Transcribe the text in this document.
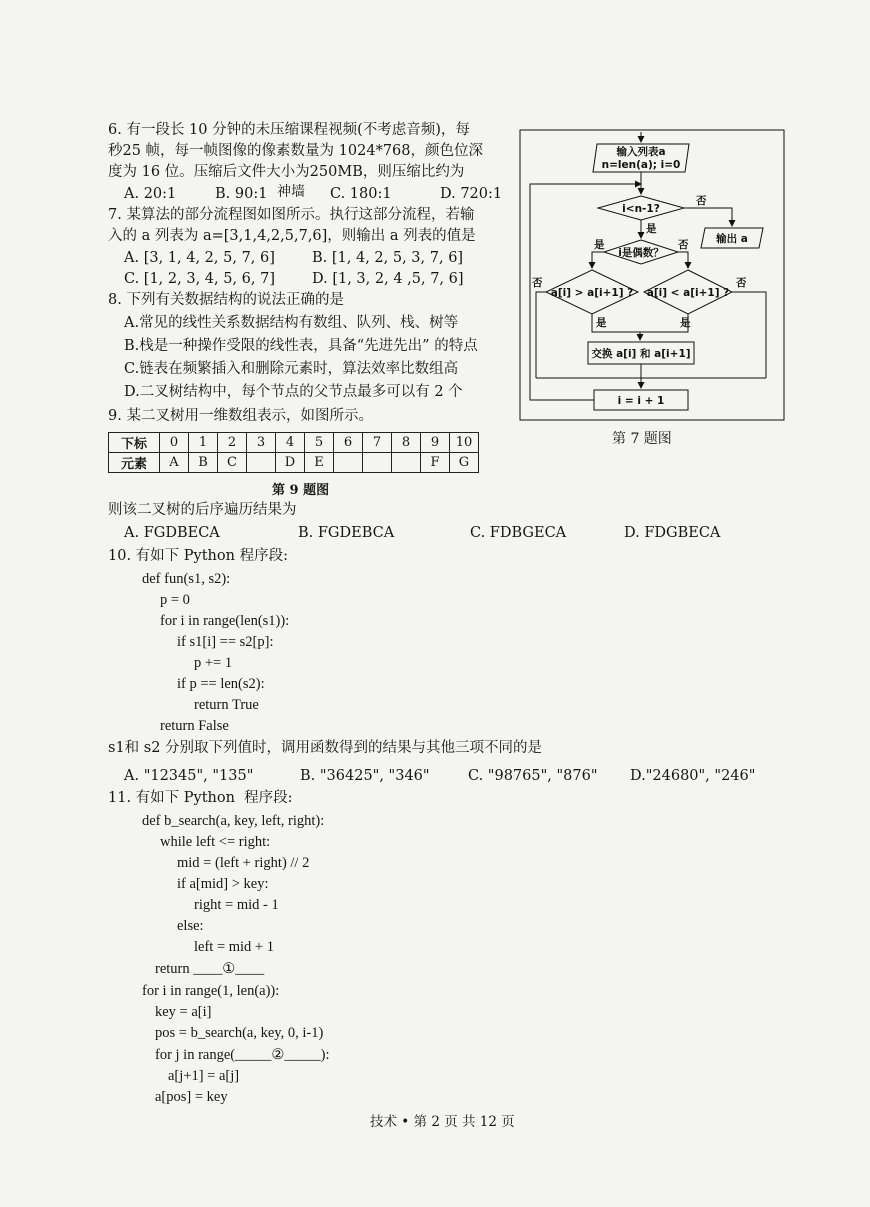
6. 有一段长 10 分钟的未压缩课程视频(不考虑音频)，每
秒25 帧，每一帧图像的像素数量为 1024*768，颜色位深
度为 16 位。压缩后文件大小为250MB，则压缩比约为
A. 20:1	B. 90:1 神墙 C. 180:1	D. 720:1
7. 某算法的部分流程图如图所示。执行这部分流程，若输
入的 a 列表为 a=[3,1,4,2,5,7,6]，则输出 a 列表的值是
A. [3, 1, 4, 2, 5, 7, 6]	B. [1, 4, 2, 5, 3, 7, 6]
C. [1, 2, 3, 4, 5, 6, 7]	D. [1, 3, 2, 4 ,5, 7, 6]
8. 下列有关数据结构的说法正确的是
A.常见的线性关系数据结构有数组、队列、栈、树等
B.栈是一种操作受限的线性表，具备“先进先出” 的特点
C.链表在频繁插入和删除元素时，算法效率比数组高
D.二叉树结构中，每个节点的父节点最多可以有 2 个
9. 某二叉树用一维数组表示，如图所示。
下标	0	1	2	3	4	5	6	7	8	9	10
元素	A	B	C		D	E				F	G
第 9 题图
则该二叉树的后序遍历结果为
A. FGDBECA	B. FGDEBCA	C. FDBGECA	D. FDGBECA
10. 有如下 Python 程序段:
def fun(s1, s2):
p = 0
for i in range(len(s1)):
if s1[i] == s2[p]:
p += 1
if p == len(s2):
return True
return False
s1和 s2 分别取下列值时，调用函数得到的结果与其他三项不同的是
A. "12345", "135"	B. "36425", "346"	C. "98765", "876" D."24680", "246"
11. 有如下 Python  程序段:
def b_search(a, key, left, right):
while left <= right:
mid = (left + right) // 2
if a[mid] > key:
right = mid - 1
else:
left = mid + 1
return ____①____
for i in range(1, len(a)):
key = a[i]
pos = b_search(a, key, 0, i-1)
for j in range(_____②_____):
a[j+1] = a[j]
a[pos] = key
输入列表a
n=len(a); i=0
i<n-1?
否
输出 a
是
i是偶数？
是	否
a[i] > a[i+1] ? a[i] < a[i+1] ?
否	否
是	是
交换 a[i] 和 a[i+1]
i = i + 1
第 7 题图
技术 • 第 2 页 共 12 页
